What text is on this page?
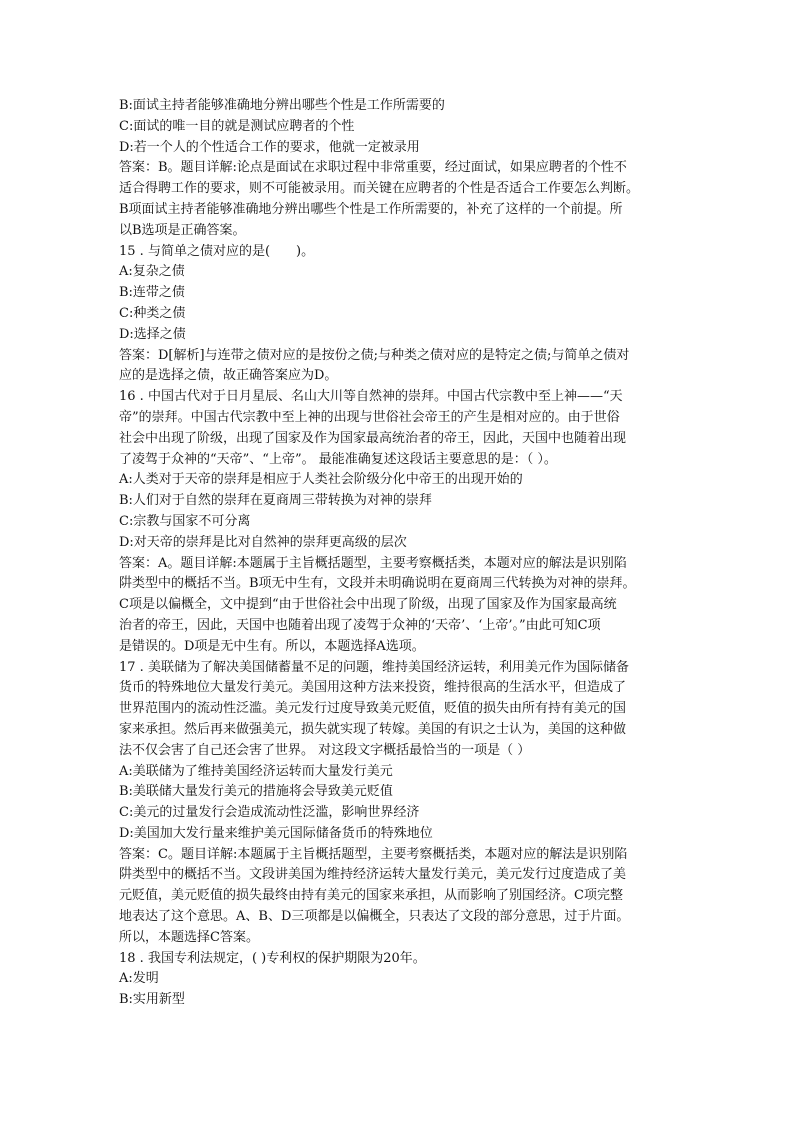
B:面试主持者能够准确地分辨出哪些个性是工作所需要的
C:面试的唯一目的就是测试应聘者的个性
D:若一个人的个性适合工作的要求，他就一定被录用
答案：B。题目详解:论点是面试在求职过程中非常重要，经过面试，如果应聘者的个性不
适合得聘工作的要求，则不可能被录用。而关键在应聘者的个性是否适合工作要怎么判断。
B项面试主持者能够准确地分辨出哪些个性是工作所需要的，补充了这样的一个前提。所
以B选项是正确答案。
15 . 与简单之债对应的是(　　)。
A:复杂之债
B:连带之债
C:种类之债
D:选择之债
答案：D[解析]与连带之债对应的是按份之债;与种类之债对应的是特定之债;与简单之债对
应的是选择之债，故正确答案应为D。
16 . 中国古代对于日月星辰、名山大川等自然神的崇拜。中国古代宗教中至上神——“天
帝”的崇拜。中国古代宗教中至上神的出现与世俗社会帝王的产生是相对应的。由于世俗
社会中出现了阶级，出现了国家及作为国家最高统治者的帝王，因此，天国中也随着出现
了凌驾于众神的“天帝”、“上帝”。 最能准确复述这段话主要意思的是：（ ）。
A:人类对于天帝的崇拜是相应于人类社会阶级分化中帝王的出现开始的
B:人们对于自然的崇拜在夏商周三带转换为对神的崇拜
C:宗教与国家不可分离
D:对天帝的崇拜是比对自然神的崇拜更高级的层次
答案：A。题目详解:本题属于主旨概括题型，主要考察概括类，本题对应的解法是识别陷
阱类型中的概括不当。B项无中生有，文段并未明确说明在夏商周三代转换为对神的崇拜。
C项是以偏概全，文中提到“由于世俗社会中出现了阶级，出现了国家及作为国家最高统
治者的帝王，因此，天国中也随着出现了凌驾于众神的‘天帝’、‘上帝’。”由此可知C项
是错误的。D项是无中生有。所以，本题选择A选项。
17 . 美联储为了解决美国储蓄量不足的问题，维持美国经济运转，利用美元作为国际储备
货币的特殊地位大量发行美元。美国用这种方法来投资，维持很高的生活水平，但造成了
世界范围内的流动性泛滥。美元发行过度导致美元贬值，贬值的损失由所有持有美元的国
家来承担。然后再来做强美元，损失就实现了转嫁。美国的有识之士认为，美国的这种做
法不仅会害了自己还会害了世界。 对这段文字概括最恰当的一项是（ ）
A:美联储为了维持美国经济运转而大量发行美元
B:美联储大量发行美元的措施将会导致美元贬值
C:美元的过量发行会造成流动性泛滥，影响世界经济
D:美国加大发行量来维护美元国际储备货币的特殊地位
答案：C。题目详解:本题属于主旨概括题型，主要考察概括类，本题对应的解法是识别陷
阱类型中的概括不当。文段讲美国为维持经济运转大量发行美元，美元发行过度造成了美
元贬值，美元贬值的损失最终由持有美元的国家来承担，从而影响了别国经济。C项完整
地表达了这个意思。A、B、D三项都是以偏概全，只表达了文段的部分意思，过于片面。
所以，本题选择C答案。
18 . 我国专利法规定，( )专利权的保护期限为20年。
A:发明
B:实用新型
